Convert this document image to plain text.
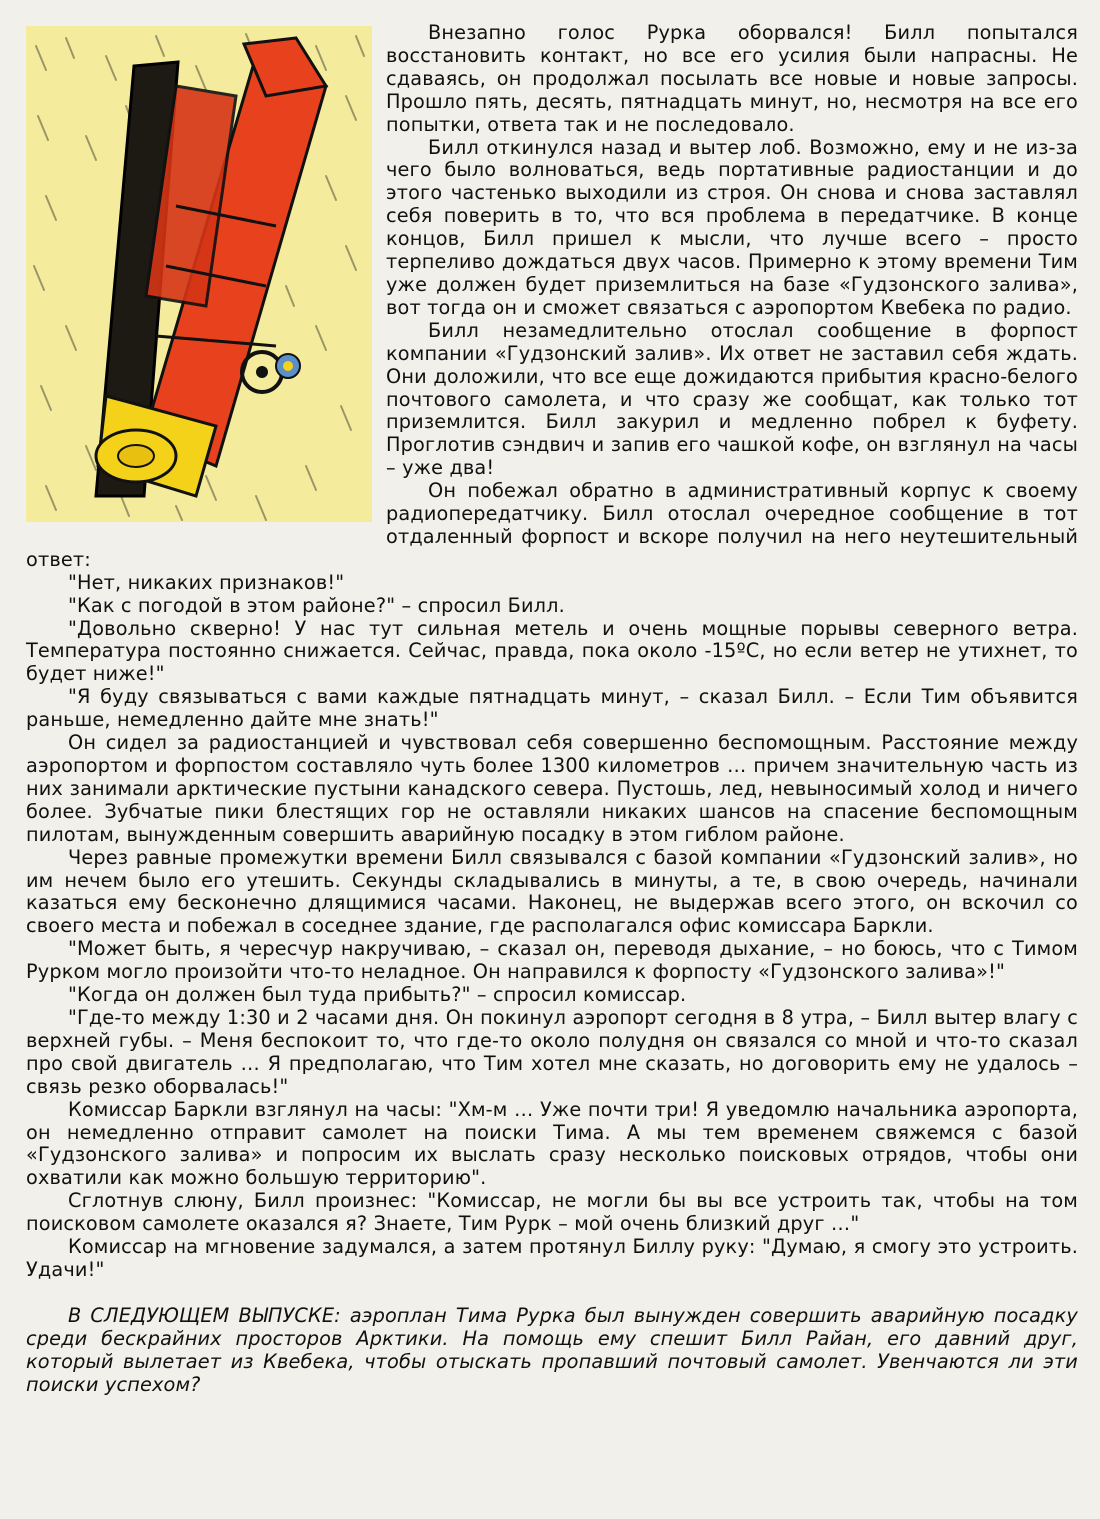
Внезапно голос Рурка оборвался! Билл попытался восстановить контакт, но все его усилия были напрасны. Не сдаваясь, он продолжал посылать все новые и новые запросы. Прошло пять, десять, пятнадцать минут, но, несмотря на все его попытки, ответа так и не последовало.

Билл откинулся назад и вытер лоб. Возможно, ему и не из-за чего было волноваться, ведь портативные радиостанции и до этого частенько выходили из строя. Он снова и снова заставлял себя поверить в то, что вся проблема в передатчике. В конце концов, Билл пришел к мысли, что лучше всего – просто терпеливо дождаться двух часов. Примерно к этому времени Тим уже должен будет приземлиться на базе «Гудзонского залива», вот тогда он и сможет связаться с аэропортом Квебека по радио.

Билл незамедлительно отослал сообщение в форпост компании «Гудзонский залив». Их ответ не заставил себя ждать. Они доложили, что все еще дожидаются прибытия красно-белого почтового самолета, и что сразу же сообщат, как только тот приземлится. Билл закурил и медленно побрел к буфету. Проглотив сэндвич и запив его чашкой кофе, он взглянул на часы – уже два!

Он побежал обратно в административный корпус к своему радиопередатчику. Билл отослал очередное сообщение в тот отдаленный форпост и вскоре получил на него неутешительный ответ:

"Нет, никаких признаков!"

"Как с погодой в этом районе?" – спросил Билл.

"Довольно скверно! У нас тут сильная метель и очень мощные порывы северного ветра. Температура постоянно снижается. Сейчас, правда, пока около -15ºС, но если ветер не утихнет, то будет ниже!"

"Я буду связываться с вами каждые пятнадцать минут, – сказал Билл. – Если Тим объявится раньше, немедленно дайте мне знать!"

Он сидел за радиостанцией и чувствовал себя совершенно беспомощным. Расстояние между аэропортом и форпостом составляло чуть более 1300 километров … причем значительную часть из них занимали арктические пустыни канадского севера. Пустошь, лед, невыносимый холод и ничего более. Зубчатые пики блестящих гор не оставляли никаких шансов на спасение беспомощным пилотам, вынужденным совершить аварийную посадку в этом гиблом районе.

Через равные промежутки времени Билл связывался с базой компании «Гудзонский залив», но им нечем было его утешить. Секунды складывались в минуты, а те, в свою очередь, начинали казаться ему бесконечно длящимися часами. Наконец, не выдержав всего этого, он вскочил со своего места и побежал в соседнее здание, где располагался офис комиссара Баркли.

"Может быть, я чересчур накручиваю, – сказал он, переводя дыхание, – но боюсь, что с Тимом Рурком могло произойти что-то неладное. Он направился к форпосту «Гудзонского залива»!"

"Когда он должен был туда прибыть?" – спросил комиссар.

"Где-то между 1:30 и 2 часами дня. Он покинул аэропорт сегодня в 8 утра, – Билл вытер влагу с верхней губы. – Меня беспокоит то, что где-то около полудня он связался со мной и что-то сказал про свой двигатель … Я предполагаю, что Тим хотел мне сказать, но договорить ему не удалось – связь резко оборвалась!"

Комиссар Баркли взглянул на часы: "Хм-м … Уже почти три! Я уведомлю начальника аэропорта, он немедленно отправит самолет на поиски Тима. А мы тем временем свяжемся с базой «Гудзонского залива» и попросим их выслать сразу несколько поисковых отрядов, чтобы они охватили как можно большую территорию".

Сглотнув слюну, Билл произнес: "Комиссар, не могли бы вы все устроить так, чтобы на том поисковом самолете оказался я? Знаете, Тим Рурк – мой очень близкий друг …"

Комиссар на мгновение задумался, а затем протянул Биллу руку: "Думаю, я смогу это устроить. Удачи!"

В СЛЕДУЮЩЕМ ВЫПУСКЕ: аэроплан Тима Рурка был вынужден совершить аварийную посадку среди бескрайних просторов Арктики. На помощь ему спешит Билл Райан, его давний друг, который вылетает из Квебека, чтобы отыскать пропавший почтовый самолет. Увенчаются ли эти поиски успехом?
